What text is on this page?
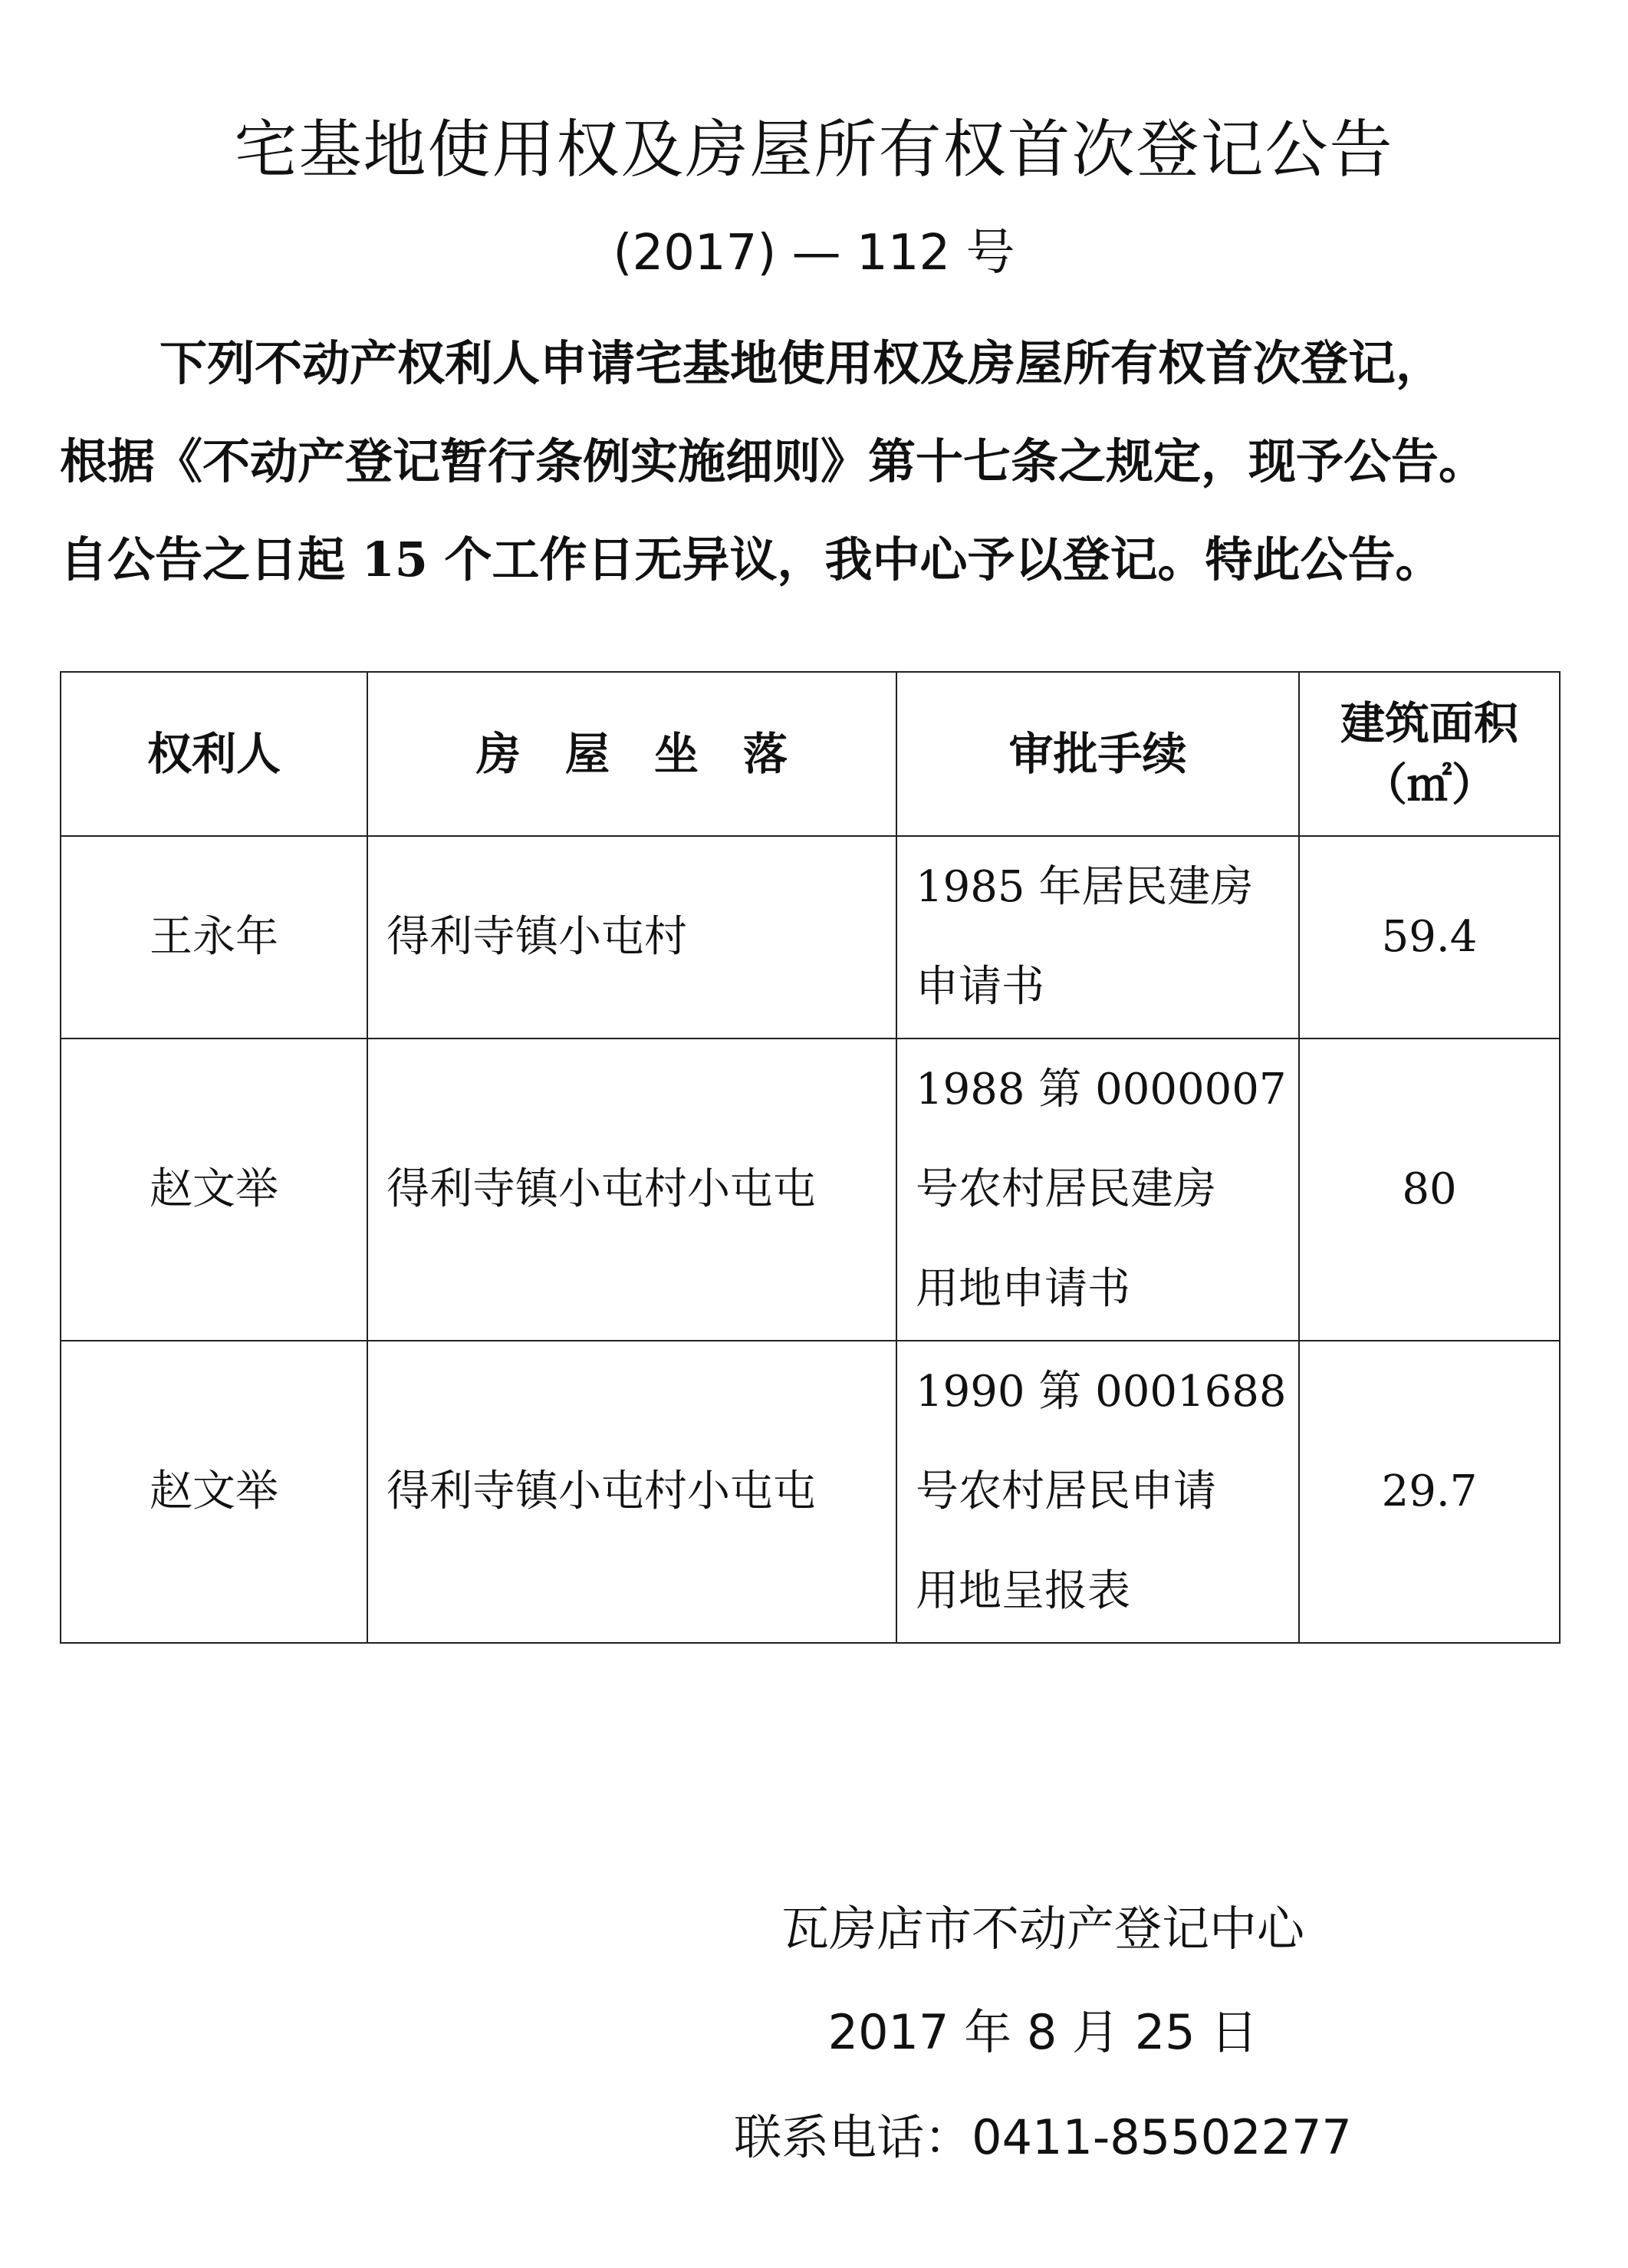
宅基地使用权及房屋所有权首次登记公告
(2017) — 112 号

下列不动产权利人申请宅基地使用权及房屋所有权首次登记，

根据《不动产登记暂行条例实施细则》第十七条之规定，现予公告。

自公告之日起 15 个工作日无异议，我中心予以登记。特此公告。

权利人	房　屋　坐　落	审批手续	建筑面积
（㎡）

王永年	得利寺镇小屯村	1985 年居民建房
申请书	59.4
赵文举	得利寺镇小屯村小屯屯	1988 第 0000007
号农村居民建房
用地申请书	80
赵文举	得利寺镇小屯村小屯屯	1990 第 0001688
号农村居民申请
用地呈报表	29.7
瓦房店市不动产登记中心
2017 年 8 月 25 日
联系电话：0411-85502277
